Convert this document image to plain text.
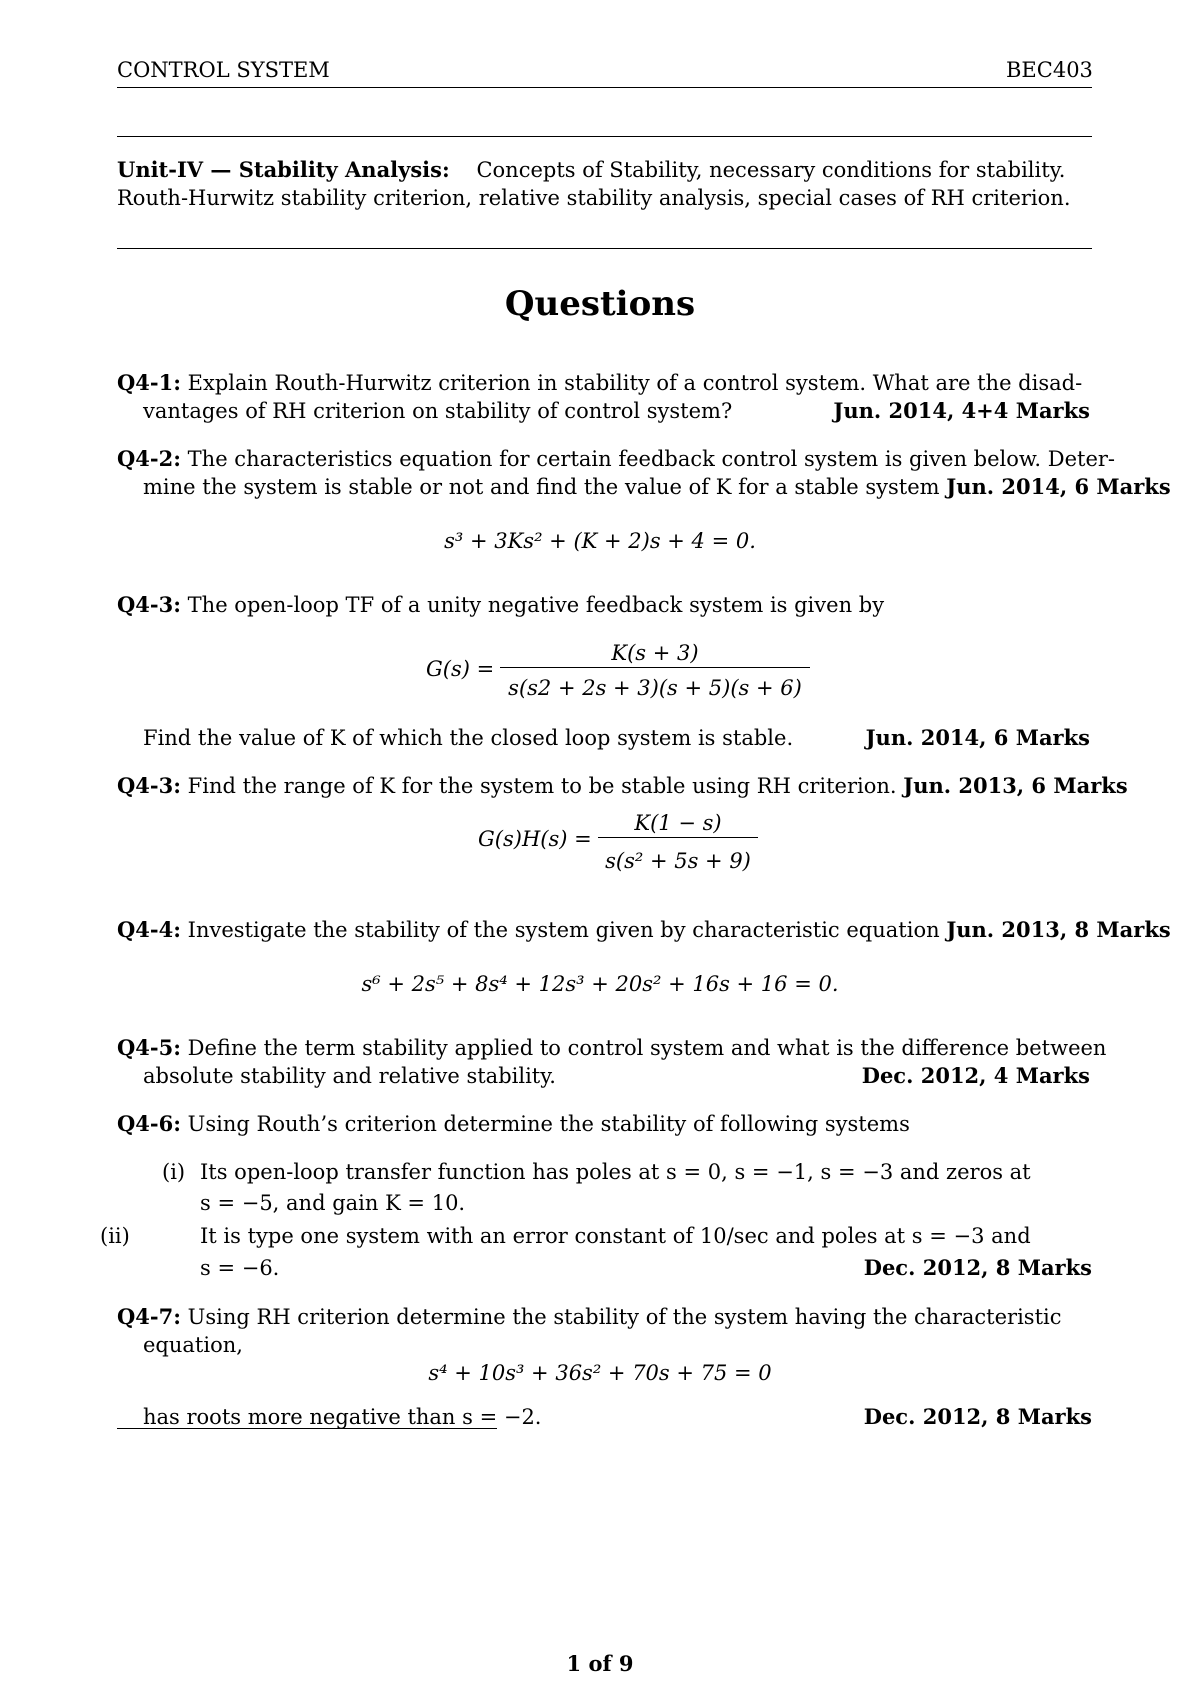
CONTROL SYSTEM	BEC403
Unit-IV — Stability Analysis: Concepts of Stability, necessary conditions for stability.
Routh-Hurwitz stability criterion, relative stability analysis, special cases of RH criterion.
Questions
Q4-1: Explain Routh-Hurwitz criterion in stability of a control system. What are the disad-
vantages of RH criterion on stability of control system?	Jun. 2014, 4+4 Marks
Q4-2: The characteristics equation for certain feedback control system is given below. Deter-
mine the system is stable or not and find the value of K for a stable system Jun. 2014, 6 Marks
s³ + 3Ks² + (K + 2)s + 4 = 0.
Q4-3: The open-loop TF of a unity negative feedback system is given by
G(s) =
K(s + 3)
s(s2 + 2s + 3)(s + 5)(s + 6)
Find the value of K of which the closed loop system is stable.	Jun. 2014, 6 Marks
Q4-3: Find the range of K for the system to be stable using RH criterion. Jun. 2013, 6 Marks
G(s)H(s) =
K(1 − s)
s(s² + 5s + 9)
Q4-4: Investigate the stability of the system given by characteristic equation Jun. 2013, 8 Marks
s⁶ + 2s⁵ + 8s⁴ + 12s³ + 20s² + 16s + 16 = 0.
Q4-5: Define the term stability applied to control system and what is the difference between
absolute stability and relative stability.	Dec. 2012, 4 Marks
Q4-6: Using Routh’s criterion determine the stability of following systems
(i) Its open-loop transfer function has poles at s = 0, s = −1, s = −3 and zeros at
s = −5, and gain K = 10.
(ii)	It is type one system with an error constant of 10/sec and poles at s = −3 and
s = −6.	Dec. 2012, 8 Marks
Q4-7: Using RH criterion determine the stability of the system having the characteristic
equation,
s⁴ + 10s³ + 36s² + 70s + 75 = 0
has roots more negative than s = −2.	Dec. 2012, 8 Marks
1 of 9
